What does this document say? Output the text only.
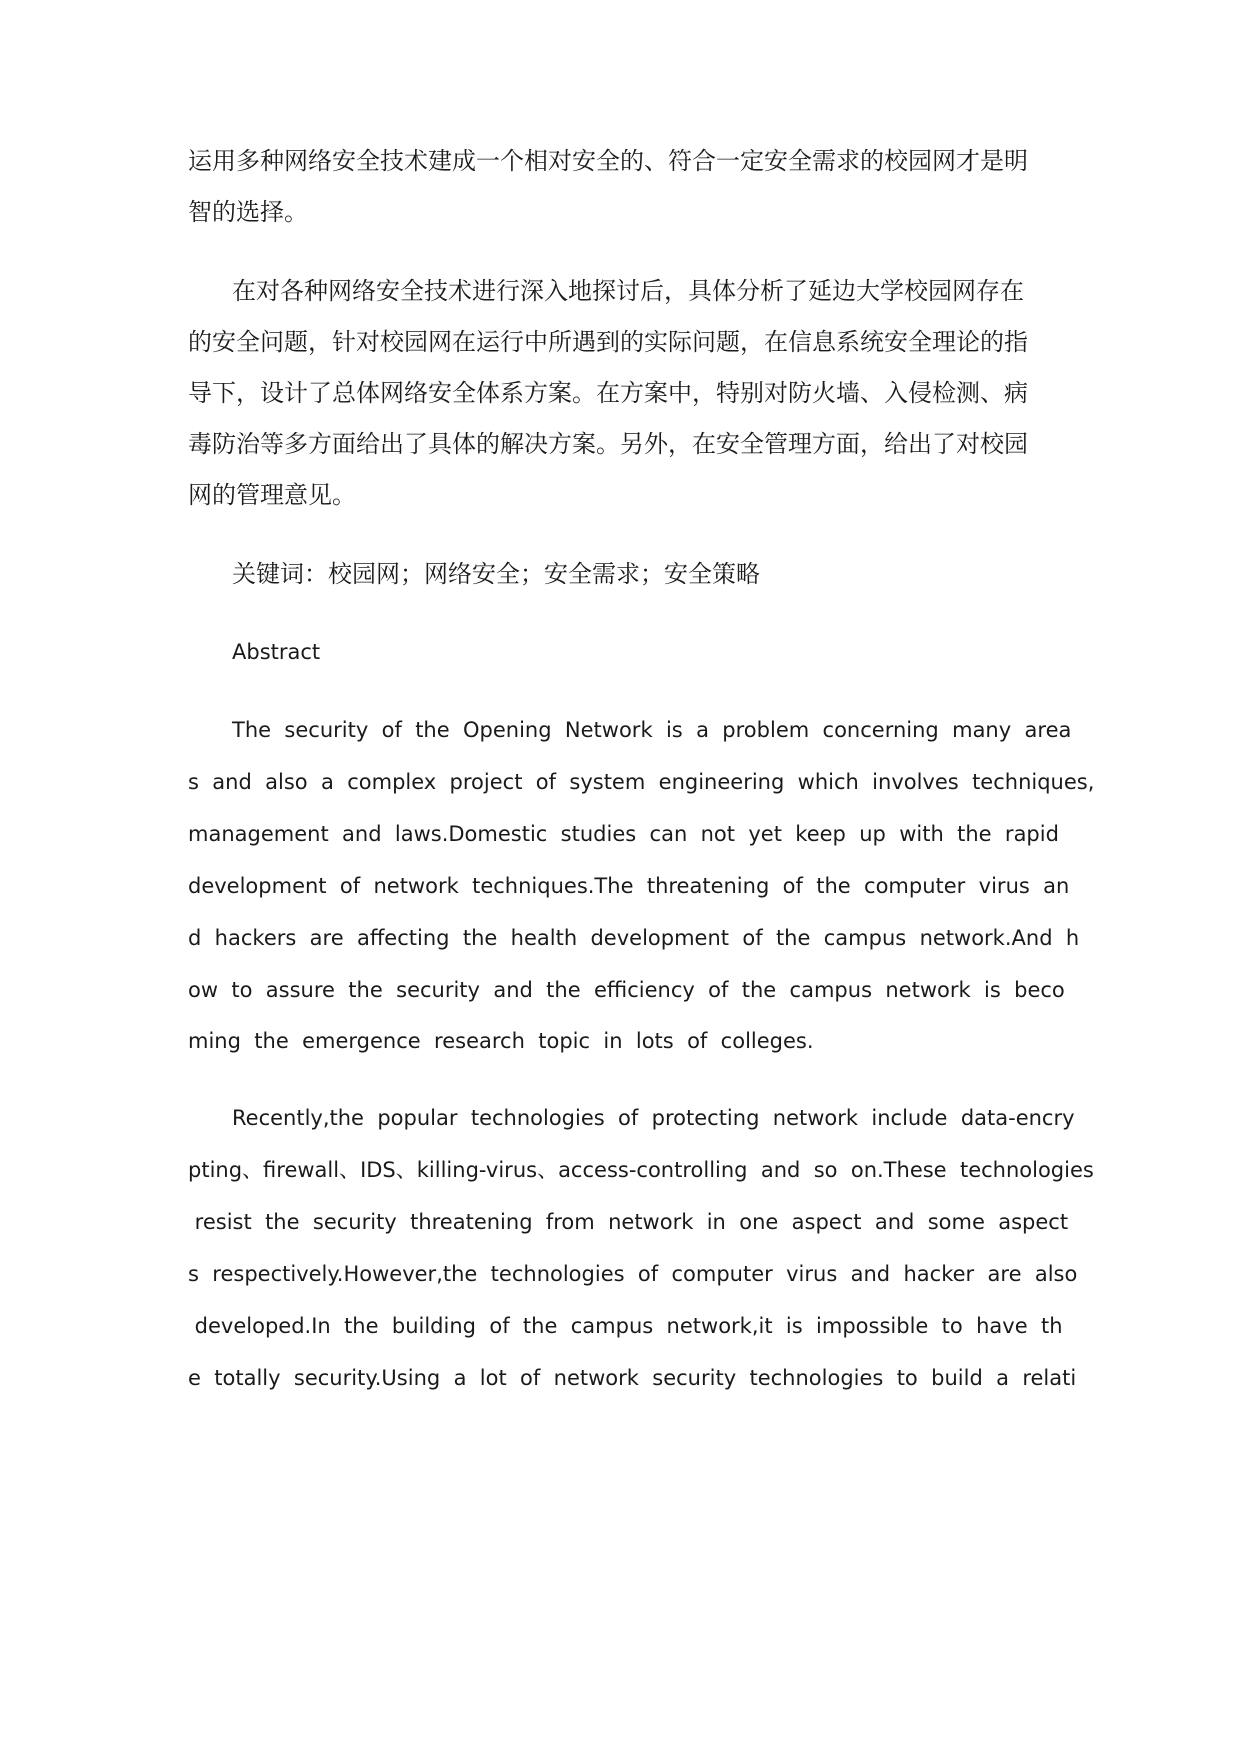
运用多种网络安全技术建成一个相对安全的、符合一定安全需求的校园网才是明

智的选择。

在对各种网络安全技术进行深入地探讨后，具体分析了延边大学校园网存在

的安全问题，针对校园网在运行中所遇到的实际问题，在信息系统安全理论的指

导下，设计了总体网络安全体系方案。在方案中，特别对防火墙、入侵检测、病

毒防治等多方面给出了具体的解决方案。另外，在安全管理方面，给出了对校园

网的管理意见。

关键词：校园网；网络安全；安全需求；安全策略

Abstract

The  security  of  the  Opening  Network  is  a  problem  concerning  many  area

s  and  also  a  complex  project  of  system  engineering  which  involves  techniques,

management  and  laws.Domestic  studies  can  not  yet  keep  up  with  the  rapid

development  of  network  techniques.The  threatening  of  the  computer  virus  an

d  hackers  are  affecting  the  health  development  of  the  campus  network.And  h

ow  to  assure  the  security  and  the  efficiency  of  the  campus  network  is  beco

ming  the  emergence  research  topic  in  lots  of  colleges.

Recently,the  popular  technologies  of  protecting  network  include  data-encry

pting、firewall、IDS、killing-virus、access-controlling  and  so  on.These  technologies

resist  the  security  threatening  from  network  in  one  aspect  and  some  aspect

s  respectively.However,the  technologies  of  computer  virus  and  hacker  are  also

developed.In  the  building  of  the  campus  network,it  is  impossible  to  have  th

e  totally  security.Using  a  lot  of  network  security  technologies  to  build  a  relati
